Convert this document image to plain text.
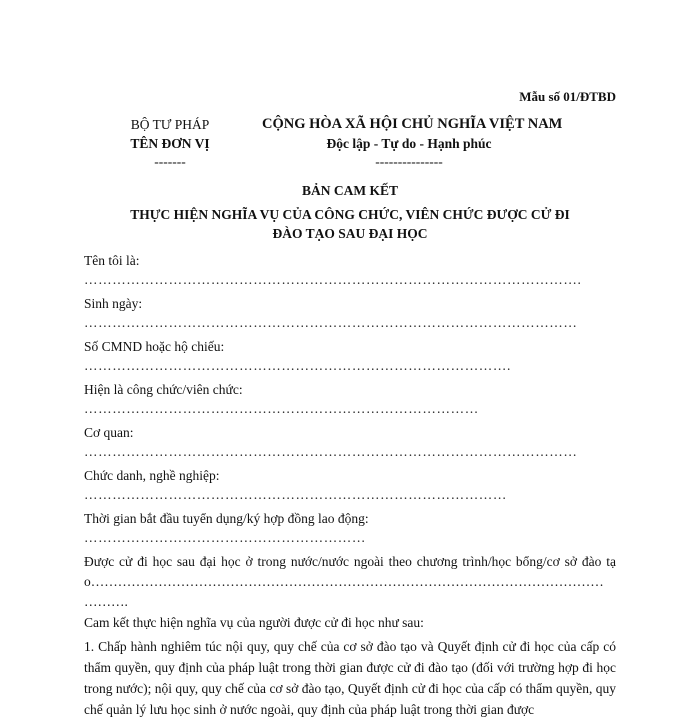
Mẫu số 01/ĐTBD
BỘ TƯ PHÁP
TÊN ĐƠN VỊ
-------
CỘNG HÒA XÃ HỘI CHỦ NGHĨA VIỆT NAM
Độc lập - Tự do - Hạnh phúc
---------------
BẢN CAM KẾT
THỰC HIỆN NGHĨA VỤ CỦA CÔNG CHỨC, VIÊN CHỨC ĐƯỢC CỬ ĐI ĐÀO TẠO SAU ĐẠI HỌC
Tên tôi là:
…………………………………………………………………………………………….
Sinh ngày:
……………………………………………………………………………………………
Số CMND hoặc hộ chiếu:
……………………………………………………………………………….
Hiện là công chức/viên chức:
…………………………………………………………………………
Cơ quan:
……………………………………………………………………………………………
Chức danh, nghề nghiệp:
………………………………………………………………………………
Thời gian bắt đầu tuyển dụng/ký hợp đồng lao động:
……………………………………………………
Được cử đi học sau đại học ở trong nước/nước ngoài theo chương trình/học bổng/cơ sở đào tạo……………………………………………………………………………………………………
……….
Cam kết thực hiện nghĩa vụ của người được cử đi học như sau:
1. Chấp hành nghiêm túc nội quy, quy chế của cơ sở đào tạo và Quyết định cử đi học của cấp có thẩm quyền, quy định của pháp luật trong thời gian được cử đi đào tạo (đối với trường hợp đi học trong nước); nội quy, quy chế của cơ sở đào tạo, Quyết định cử đi học của cấp có thẩm quyền, quy chế quản lý lưu học sinh ở nước ngoài, quy định của pháp luật trong thời gian được
